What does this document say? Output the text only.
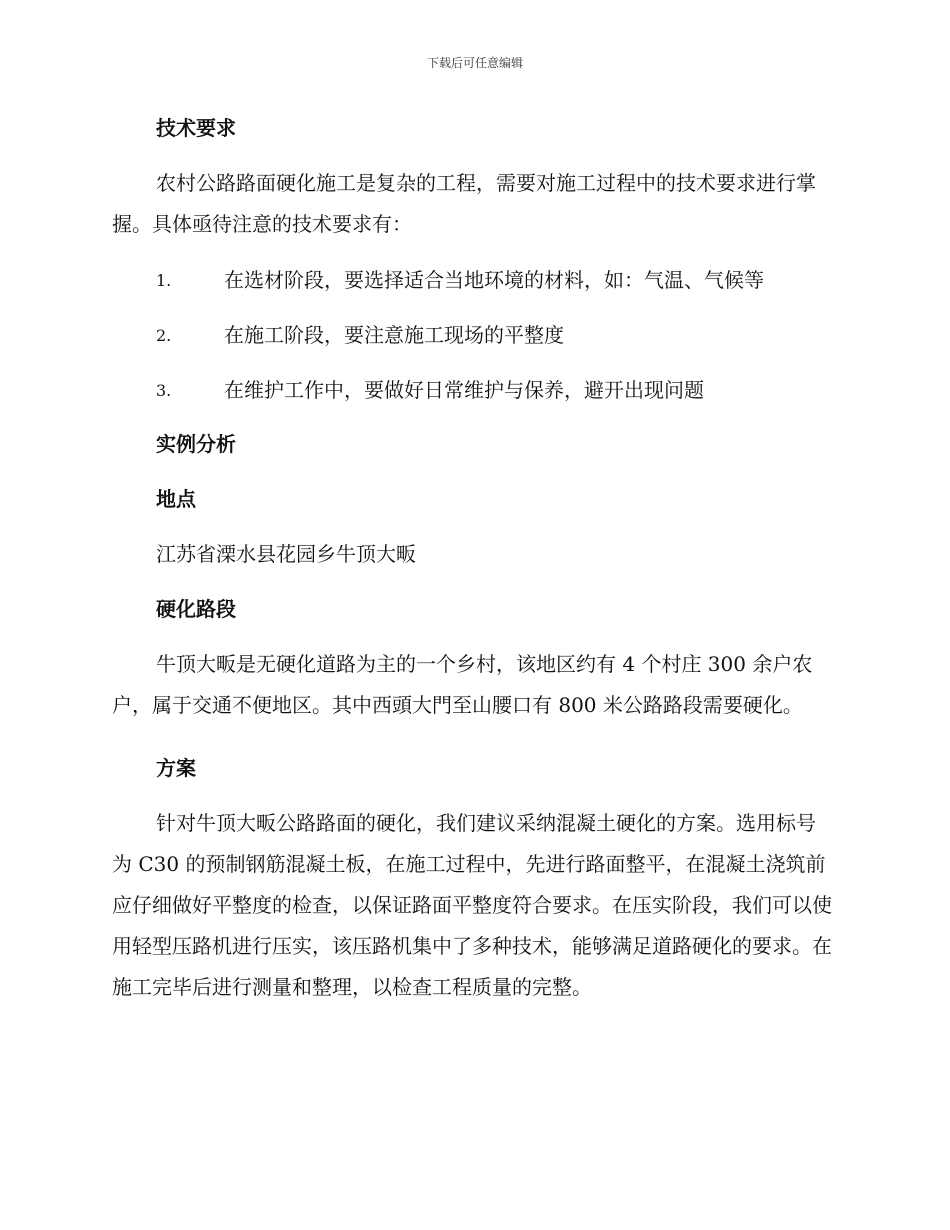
下载后可任意编辑
技术要求

农村公路路面硬化施工是复杂的工程，需要对施工过程中的技术要求进行掌握。具体亟待注意的技术要求有：

1.	在选材阶段，要选择适合当地环境的材料，如：气温、气候等
2.	在施工阶段，要注意施工现场的平整度
3.	在维护工作中，要做好日常维护与保养，避开出现问题
实例分析
地点

江苏省溧水县花园乡牛顶大畈

硬化路段

牛顶大畈是无硬化道路为主的一个乡村，该地区约有 4 个村庄 300 余户农户，属于交通不便地区。其中西頭大門至山腰口有 800 米公路路段需要硬化。

方案

针对牛顶大畈公路路面的硬化，我们建议采纳混凝土硬化的方案。选用标号为 C30 的预制钢筋混凝土板，在施工过程中，先进行路面整平，在混凝土浇筑前应仔细做好平整度的检查，以保证路面平整度符合要求。在压实阶段，我们可以使用轻型压路机进行压实，该压路机集中了多种技术，能够满足道路硬化的要求。在施工完毕后进行测量和整理，以检查工程质量的完整。
